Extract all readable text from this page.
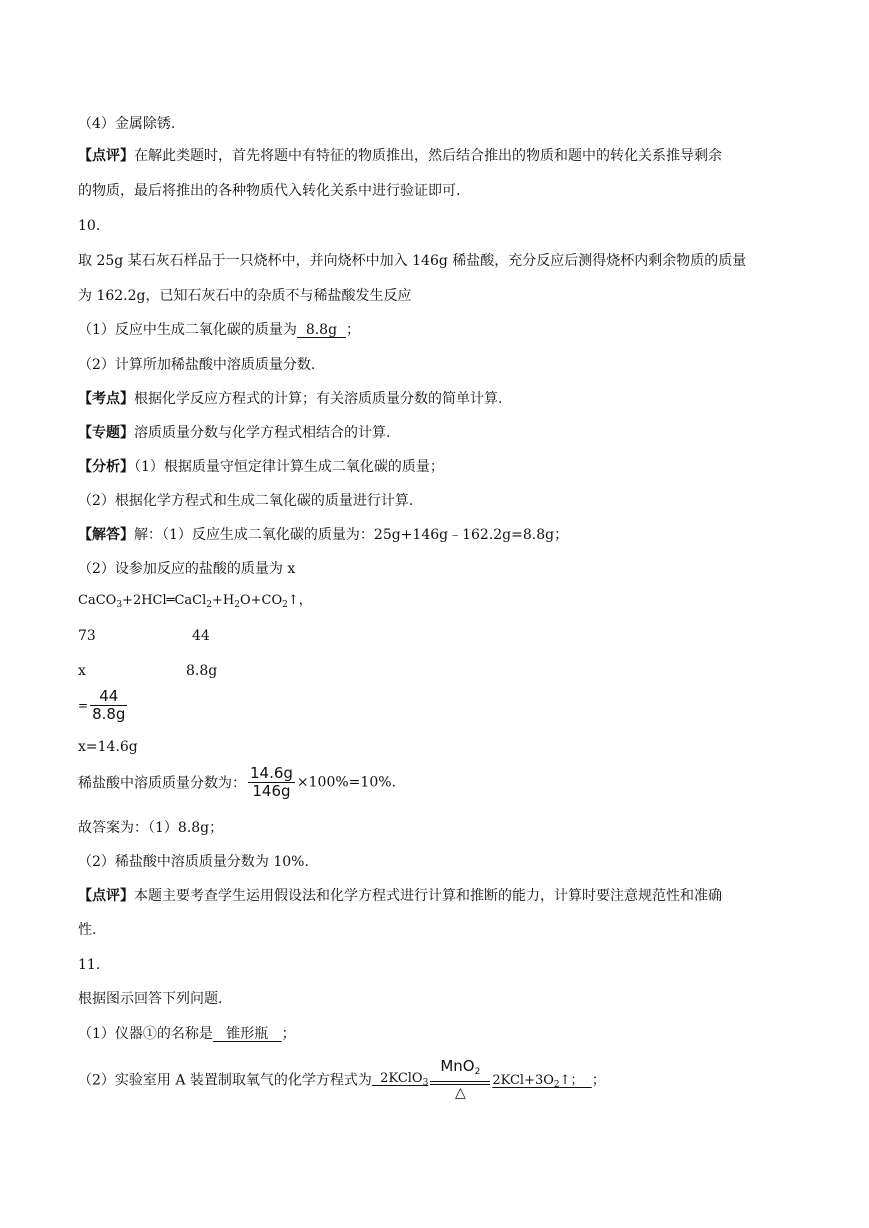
（4）金属除锈.
【点评】在解此类题时，首先将题中有特征的物质推出，然后结合推出的物质和题中的转化关系推导剩余
的物质，最后将推出的各种物质代入转化关系中进行验证即可.
10.
取 25g 某石灰石样品于一只烧杯中，并向烧杯中加入 146g 稀盐酸，充分反应后测得烧杯内剩余物质的质量
为 162.2g，已知石灰石中的杂质不与稀盐酸发生反应
（1）反应中生成二氧化碳的质量为  8.8g  ；
（2）计算所加稀盐酸中溶质质量分数.
【考点】根据化学反应方程式的计算；有关溶质质量分数的简单计算.
【专题】溶质质量分数与化学方程式相结合的计算.
【分析】（1）根据质量守恒定律计算生成二氧化碳的质量；
（2）根据化学方程式和生成二氧化碳的质量进行计算.
【解答】解：（1）反应生成二氧化碳的质量为：25g+146g﹣162.2g=8.8g；
（2）设参加反应的盐酸的质量为 x
$CaCO_3+2HCl═CaCl_2+H_2O+CO_2↑$，
73	44
x	8.8g
= $\frac{44}{8.8g}$
x=14.6g
稀盐酸中溶质质量分数为： $\frac{14.6g}{146g} \times 100\%=10\%$.
故答案为：（1）8.8g；
（2）稀盐酸中溶质质量分数为 10%.
【点评】本题主要考查学生运用假设法和化学方程式进行计算和推断的能力，计算时要注意规范性和准确
性.
11.
根据图示回答下列问题.
（1）仪器①的名称是   锥形瓶   ；
（2）实验室用 A 装置制取氧气的化学方程式为  2KClO$_3$
MnO$_2$
△
$2KCl+3O_2↑$；  ；
